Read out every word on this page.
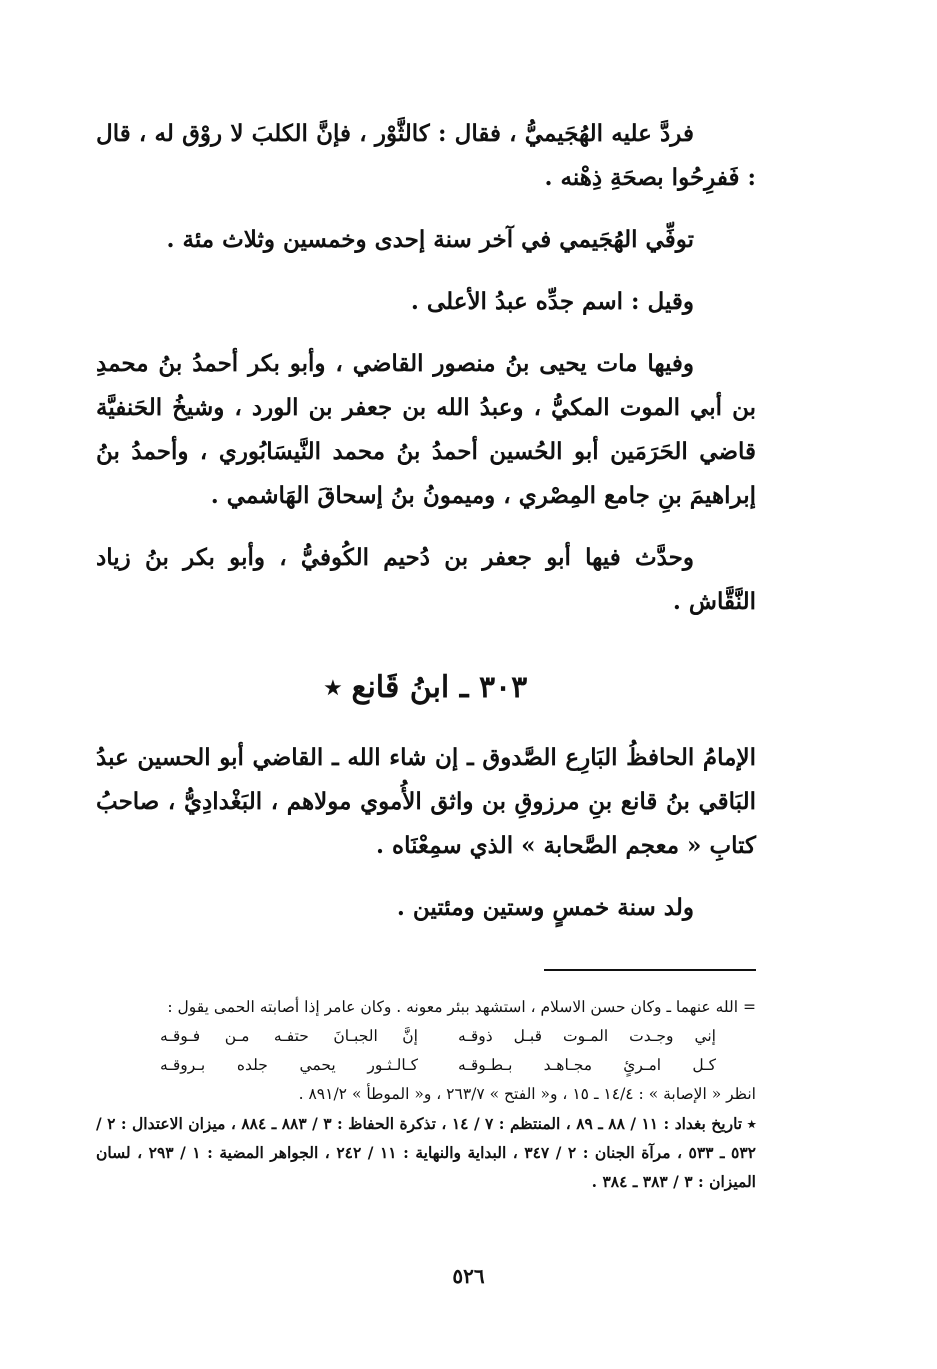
فردَّ عليه الهُجَيميُّ ، فقال : كالثَّوْر ، فإنَّ الكلبَ لا روْق له ، قال : فَفرِحُوا بصحَةِ ذِهْنه .

توفِّي الهُجَيمي في آخر سنة إحدى وخمسين وثلاث مئة .

وقيل : اسم جدِّه عبدُ الأعلى .

وفيها مات يحيى بنُ منصور القاضي ، وأبو بكر أحمدُ بنُ محمدِ بن أبي الموت المكيُّ ، وعبدُ الله بن جعفر بن الورد ، وشيخُ الحَنفيَّة قاضي الحَرَمَين أبو الحُسين أحمدُ بنُ محمد النَّيسَابُوري ، وأحمدُ بنُ إبراهيمَ بنِ جامع المِصْري ، وميمونُ بنُ إسحاقَ الهَاشمي .

وحدَّث فيها أبو جعفر بن دُحيم الكُوفيُّ ، وأبو بكر بنُ زياد النَّقَّاش .

٣٠٣ ـ ابنُ قَانع ٭

الإمامُ الحافظُ البَارِع الصَّدوق ـ إن شاء الله ـ القاضي أبو الحسين عبدُ البَاقي بنُ قانع بنِ مرزوقِ بن واثق الأُموي مولاهم ، البَغْدادِيُّ ، صاحبُ كتابِ « معجم الصَّحابة » الذي سمِعْنَاه .

ولد سنة خمسٍ وستين ومئتين .

= الله عنهما ـ وكان حسن الاسلام ، استشهد ببئر معونه . وكان عامر إذا أصابته الحمى يقول :

إني وجـدت المـوت قبـل ذوقـه
إنَّ الجبـانَ حتفـه مـن فـوقـه
كـل امـرئٍ مجـاهـد بـطـوقـه
كـالـثـور يحمي جلده بـروقـه

انظر « الإصابة » : ١٤/٤ ـ ١٥ ، و« الفتح » ٢٦٣/٧ ، و« الموطأ » ٨٩١/٢ .

٭ تاريخ بغداد : ١١ / ٨٨ ـ ٨٩ ، المنتظم : ٧ / ١٤ ، تذكرة الحفاظ : ٣ / ٨٨٣ ـ ٨٨٤ ، ميزان الاعتدال : ٢ / ٥٣٢ ـ ٥٣٣ ، مرآة الجنان : ٢ / ٣٤٧ ، البداية والنهاية : ١١ / ٢٤٢ ، الجواهر المضية : ١ / ٢٩٣ ، لسان الميزان : ٣ / ٣٨٣ ـ ٣٨٤ .

٥٢٦
